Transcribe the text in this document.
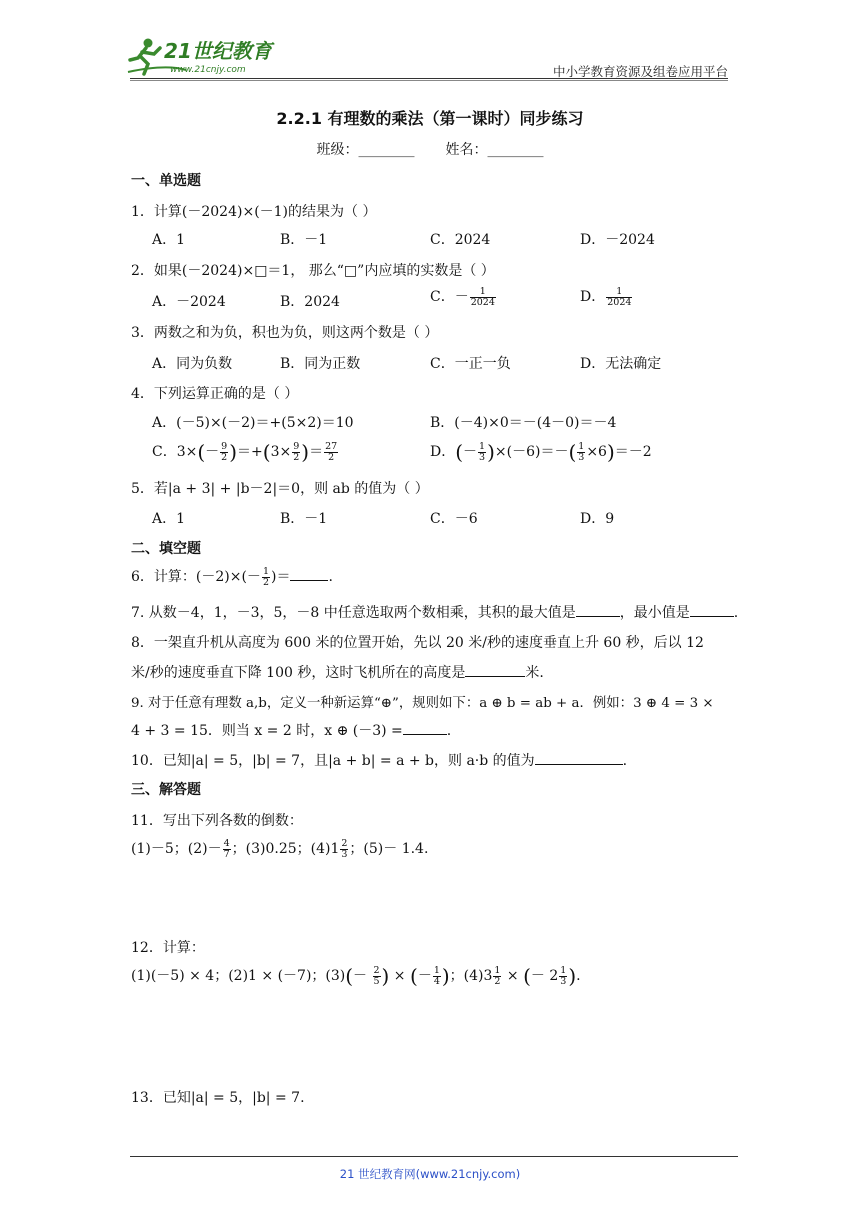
21世纪教育
www.21cnjy.com	中小学教育资源及组卷应用平台
2.2.1 有理数的乘法（第一课时）同步练习
班级：________ 姓名：________
一、单选题
1．计算(－2024)×(－1)的结果为（ ）
A．1	B．－1	C．2024	D．－2024
2．如果(－2024)×□＝1， 那么“□”内应填的实数是（ ）
A．－2024	B．2024	C．－ $\frac{1}{2024}$	D． $\frac{1}{2024}$
3．两数之和为负，积也为负，则这两个数是（ ）
A．同为负数	B．同为正数	C．一正一负	D．无法确定
4．下列运算正确的是（ ）
A．(－5)×(－2)＝+(5×2)＝10	B．(－4)×0＝－(4－0)＝－4
C．$3\times(- \frac{9}{2} )=+(3\times \frac{9}{2}$ )＝ $\frac{27}{2}$	D．(－ $\frac{1}{3} )\times(-6)=-( \frac{1}{3} \times 6)=-2$
5．若|a + 3| + |b－2|＝0，则 ab 的值为（ ）
A．1	B．－1	C．－6	D．9
二、填空题
6．计算：$(-2)\times(- \frac{1}{2}$ )＝	.
7. 从数－4，1，－3，5，－8 中任意选取两个数相乘，其积的最大值是	，最小值是	.
8．一架直升机从高度为 600 米的位置开始，先以 20 米/秒的速度垂直上升 60 秒，后以 12
米/秒的速度垂直下降 100 秒，这时飞机所在的高度是	米.
9. 对于任意有理数 a,b，定义一种新运算“⊕”，规则如下：a ⊕ b = ab + a．例如：3 ⊕ 4 = 3 ×
4 + 3 = 15．则当 x = 2 时，x ⊕ (－3) =	.
10．已知|a| = 5，|b| = 7，且|a + b| = a + b，则 a·b 的值为	.
三、解答题
11．写出下列各数的倒数：
(1)－5；$(2)- \frac{4}{7}$ ；(3)0.25；$(4)1 \frac{2}{3}$ ；(5)－ 1.4.
12．计算：
(1)(－5) × 4；(2)1 × (－7)；$(3)(- \frac{2}{5}$ ) × (－ $\frac{1}{4}$ )；$(4)3 \frac{1}{2}$ × (－ $2 \frac{1}{3}$ ).
13．已知|a| = 5，|b| = 7.
21 世纪教育网(www.21cnjy.com)
